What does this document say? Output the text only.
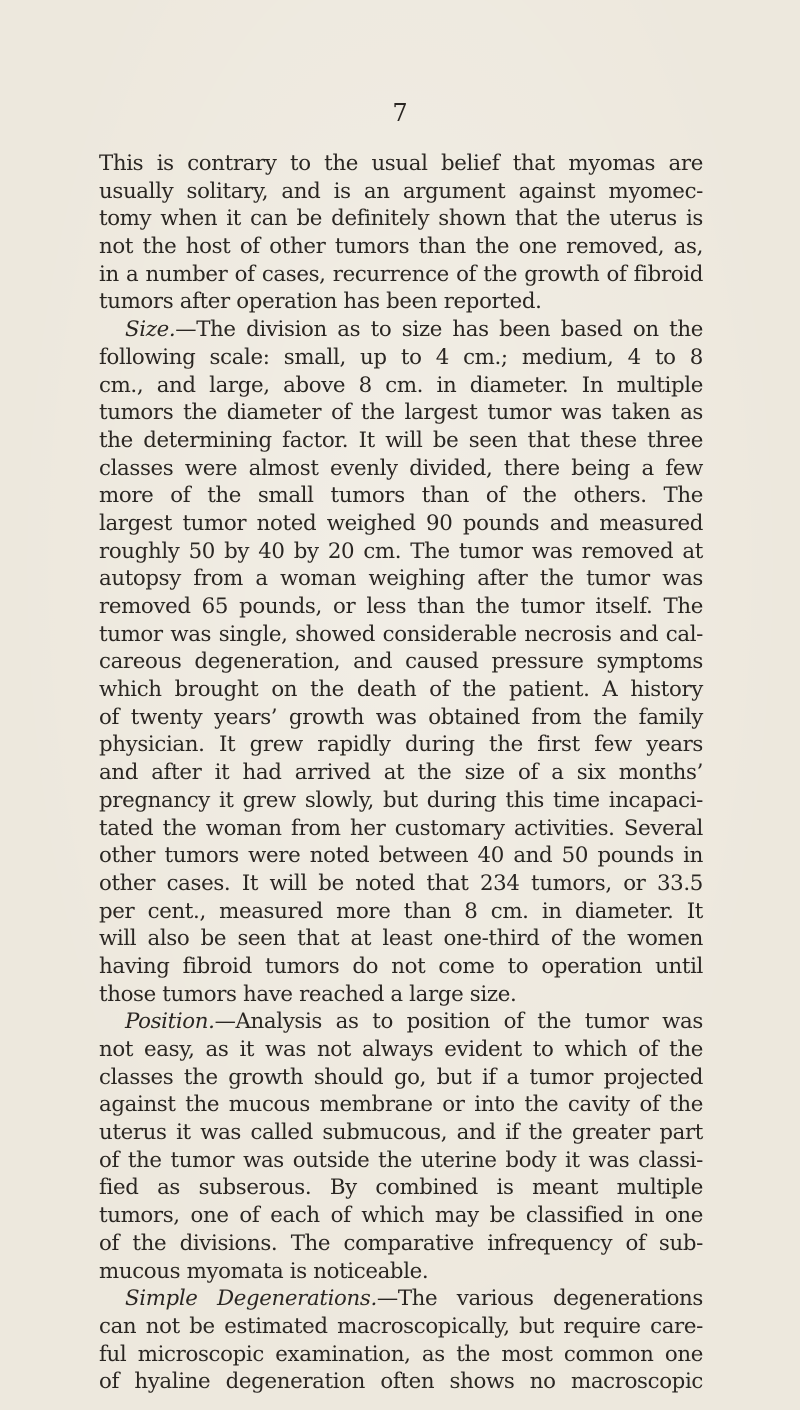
7
This is contrary to the usual belief that myomas are
usually solitary, and is an argument against myomec-
tomy when it can be definitely shown that the uterus is
not the host of other tumors than the one removed, as,
in a number of cases, recurrence of the growth of fibroid
tumors after operation has been reported.
Size.—The division as to size has been based on the
following scale: small, up to 4 cm.; medium, 4 to 8
cm., and large, above 8 cm. in diameter. In multiple
tumors the diameter of the largest tumor was taken as
the determining factor. It will be seen that these three
classes were almost evenly divided, there being a few
more of the small tumors than of the others. The
largest tumor noted weighed 90 pounds and measured
roughly 50 by 40 by 20 cm. The tumor was removed at
autopsy from a woman weighing after the tumor was
removed 65 pounds, or less than the tumor itself. The
tumor was single, showed considerable necrosis and cal-
careous degeneration, and caused pressure symptoms
which brought on the death of the patient. A history
of twenty years’ growth was obtained from the family
physician. It grew rapidly during the first few years
and after it had arrived at the size of a six months’
pregnancy it grew slowly, but during this time incapaci-
tated the woman from her customary activities. Several
other tumors were noted between 40 and 50 pounds in
other cases. It will be noted that 234 tumors, or 33.5
per cent., measured more than 8 cm. in diameter. It
will also be seen that at least one-third of the women
having fibroid tumors do not come to operation until
those tumors have reached a large size.
Position.—Analysis as to position of the tumor was
not easy, as it was not always evident to which of the
classes the growth should go, but if a tumor projected
against the mucous membrane or into the cavity of the
uterus it was called submucous, and if the greater part
of the tumor was outside the uterine body it was classi-
fied as subserous. By combined is meant multiple
tumors, one of each of which may be classified in one
of the divisions. The comparative infrequency of sub-
mucous myomata is noticeable.
Simple Degenerations.—The various degenerations
can not be estimated macroscopically, but require care-
ful microscopic examination, as the most common one
of hyaline degeneration often shows no macroscopic
